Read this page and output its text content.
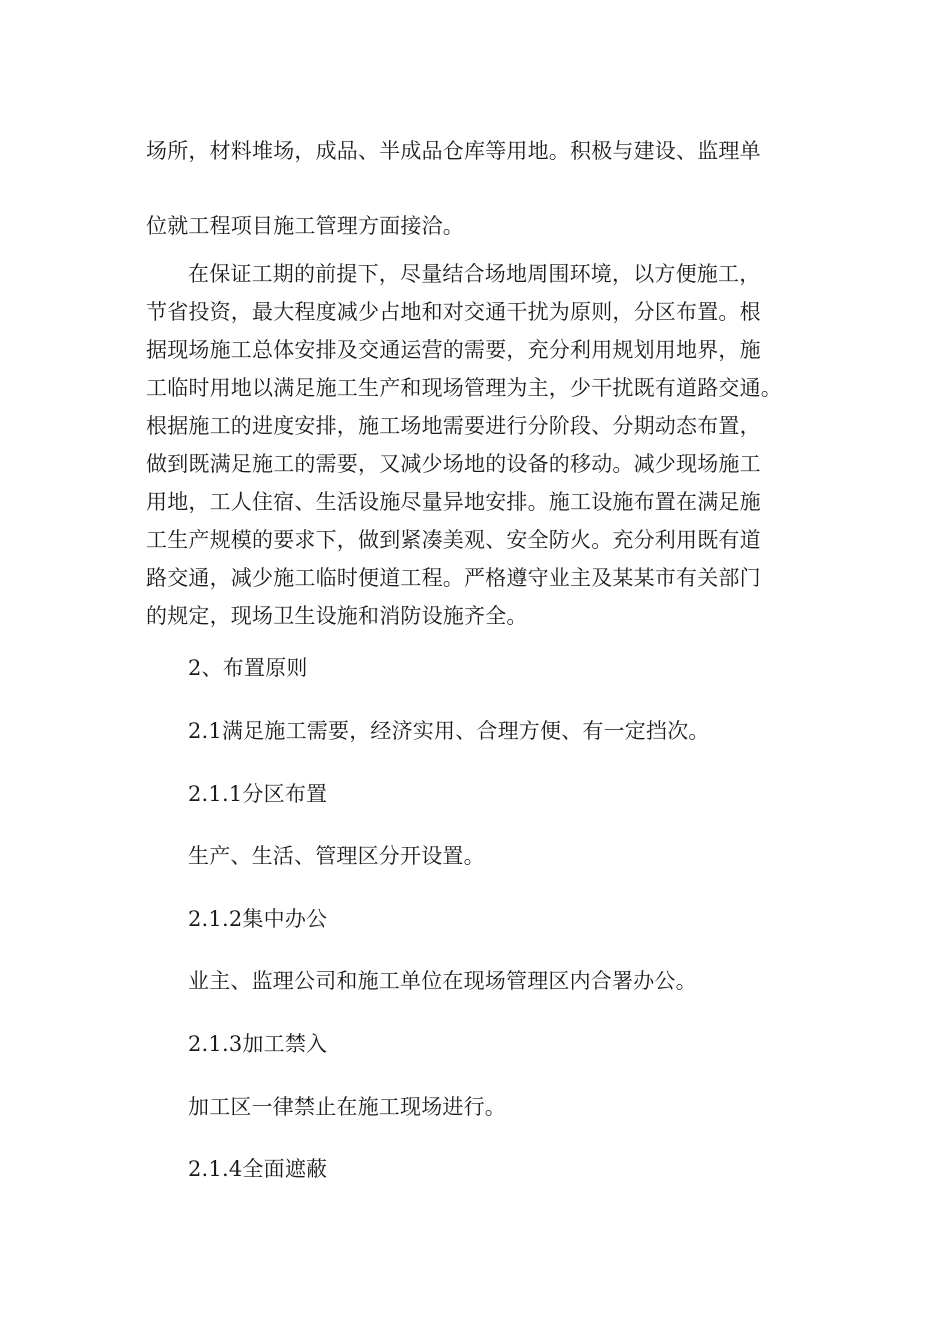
场所，材料堆场，成品、半成品仓库等用地。积极与建设、监理单
位就工程项目施工管理方面接洽。
在保证工期的前提下，尽量结合场地周围环境，以方便施工，
节省投资，最大程度减少占地和对交通干扰为原则，分区布置。根
据现场施工总体安排及交通运营的需要，充分利用规划用地界，施
工临时用地以满足施工生产和现场管理为主，少干扰既有道路交通。
根据施工的进度安排，施工场地需要进行分阶段、分期动态布置，
做到既满足施工的需要，又减少场地的设备的移动。减少现场施工
用地，工人住宿、生活设施尽量异地安排。施工设施布置在满足施
工生产规模的要求下，做到紧凑美观、安全防火。充分利用既有道
路交通，减少施工临时便道工程。严格遵守业主及某某市有关部门
的规定，现场卫生设施和消防设施齐全。
2、布置原则
2.1满足施工需要，经济实用、合理方便、有一定挡次。
2.1.1分区布置
生产、生活、管理区分开设置。
2.1.2集中办公
业主、监理公司和施工单位在现场管理区内合署办公。
2.1.3加工禁入
加工区一律禁止在施工现场进行。
2.1.4全面遮蔽
